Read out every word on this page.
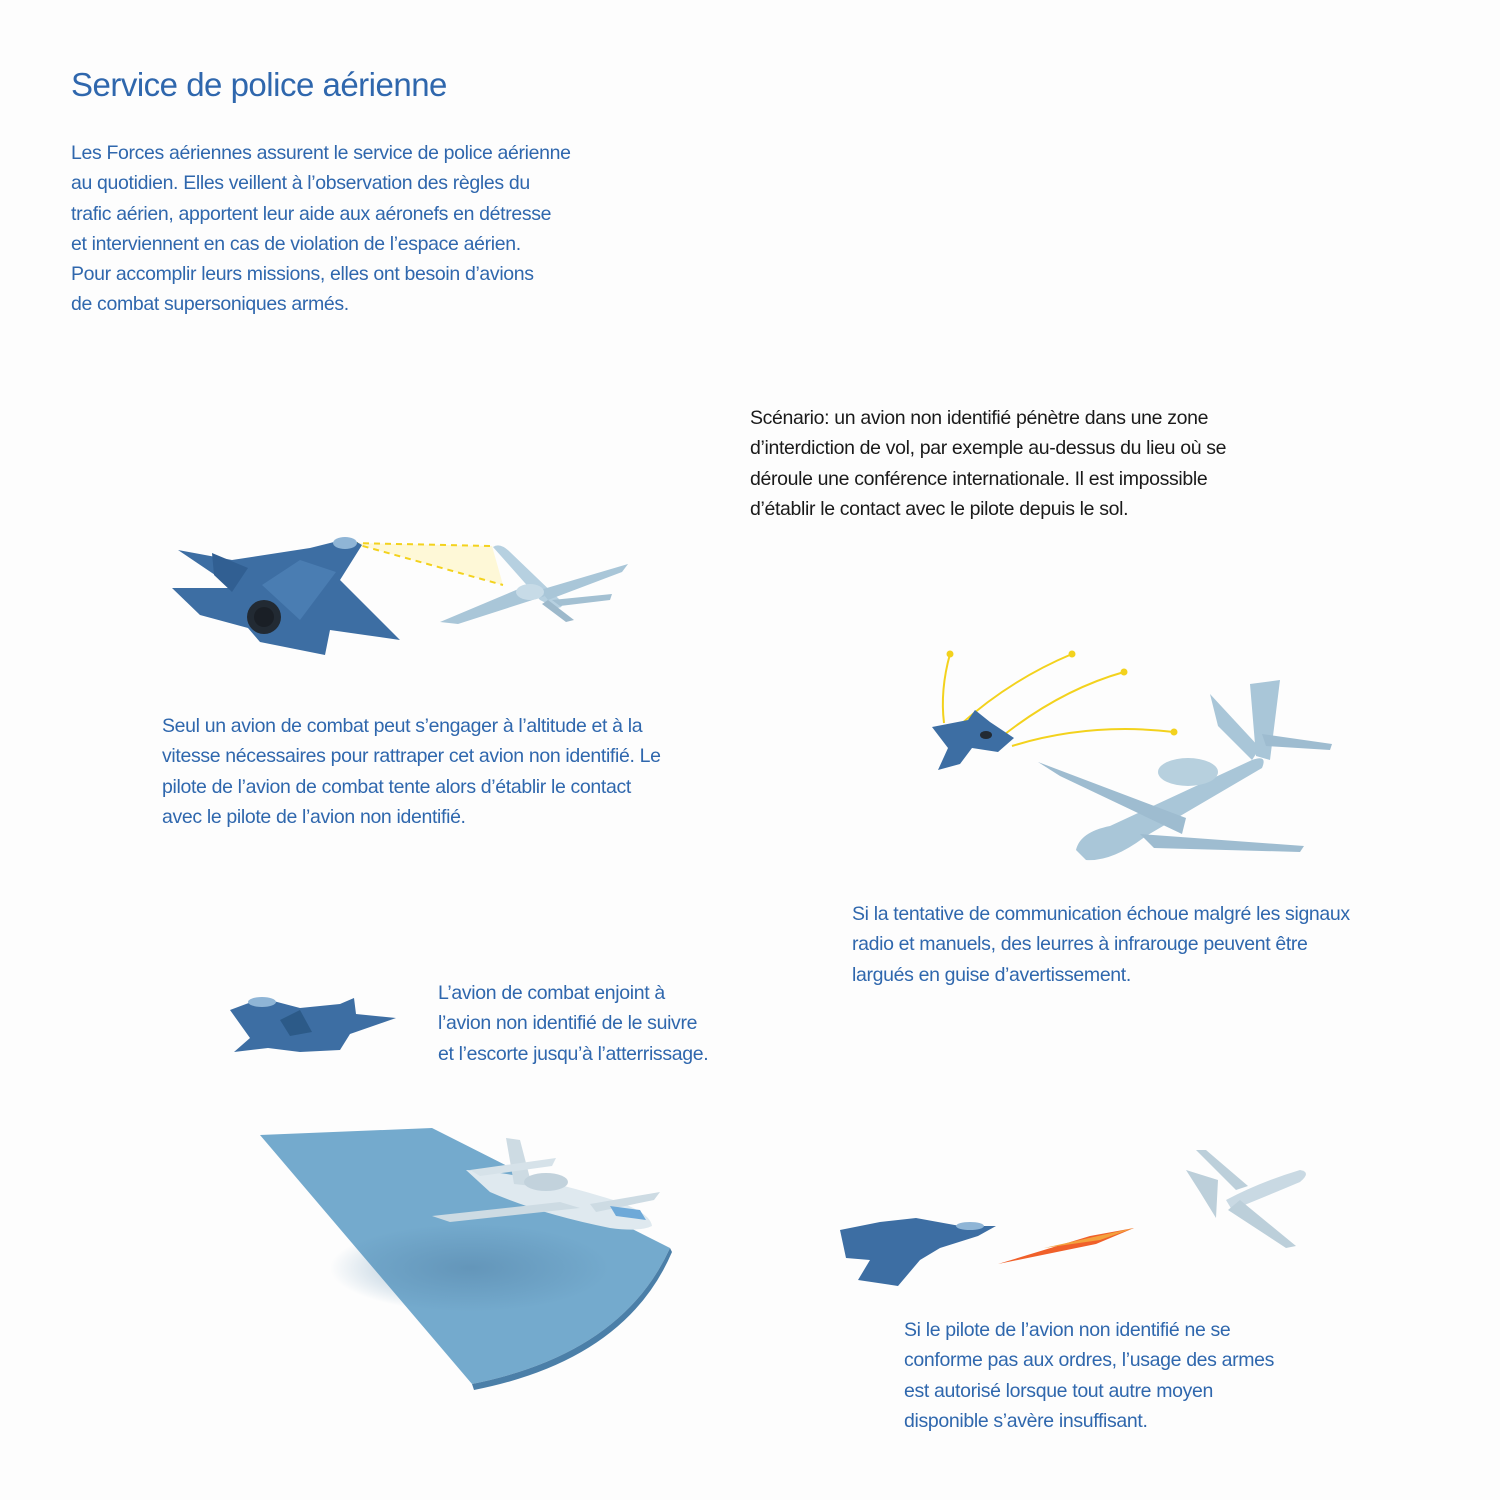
Service de police aérienne
Les Forces aériennes assurent le service de police aérienne
au quotidien. Elles veillent à l’observation des règles du
trafic aérien, apportent leur aide aux aéronefs en détresse
et interviennent en cas de violation de l’espace aérien.
Pour accomplir leurs missions, elles ont besoin d’avions
de combat supersoniques armés.
Scénario: un avion non identifié pénètre dans une zone
d’interdiction de vol, par exemple au-dessus du lieu où se
déroule une conférence internationale. Il est impossible
d’établir le contact avec le pilote depuis le sol.
Seul un avion de combat peut s’engager à l’altitude et à la
vitesse nécessaires pour rattraper cet avion non identifié. Le
pilote de l’avion de combat tente alors d’établir le contact
avec le pilote de l’avion non identifié.
Si la tentative de communication échoue malgré les signaux
radio et manuels, des leurres à infrarouge peuvent être
largués en guise d’avertissement.
L’avion de combat enjoint à
l’avion non identifié de le suivre
et l’escorte jusqu’à l’atterrissage.
Si le pilote de l’avion non identifié ne se
conforme pas aux ordres, l’usage des armes
est autorisé lorsque tout autre moyen
disponible s’avère insuffisant.
